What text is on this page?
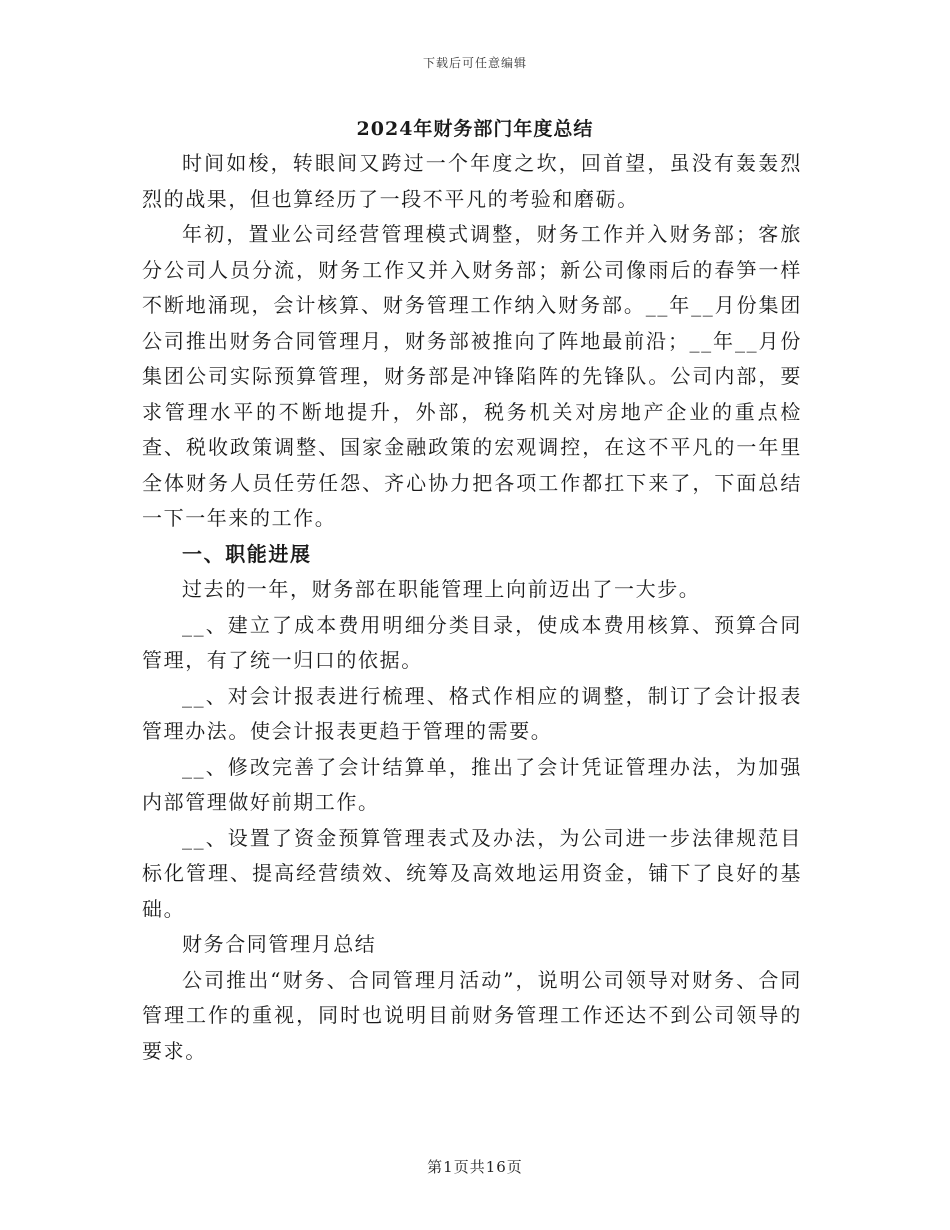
下载后可任意编辑
2024年财务部门年度总结

时间如梭，转眼间又跨过一个年度之坎，回首望，虽没有轰轰烈烈的战果，但也算经历了一段不平凡的考验和磨砺。

年初，置业公司经营管理模式调整，财务工作并入财务部；客旅分公司人员分流，财务工作又并入财务部；新公司像雨后的春笋一样不断地涌现，会计核算、财务管理工作纳入财务部。__年__月份集团公司推出财务合同管理月，财务部被推向了阵地最前沿；__年__月份集团公司实际预算管理，财务部是冲锋陷阵的先锋队。公司内部，要求管理水平的不断地提升，外部，税务机关对房地产企业的重点检查、税收政策调整、国家金融政策的宏观调控，在这不平凡的一年里全体财务人员任劳任怨、齐心协力把各项工作都扛下来了，下面总结一下一年来的工作。

一、职能进展

过去的一年，财务部在职能管理上向前迈出了一大步。

__、建立了成本费用明细分类目录，使成本费用核算、预算合同管理，有了统一归口的依据。

__、对会计报表进行梳理、格式作相应的调整，制订了会计报表管理办法。使会计报表更趋于管理的需要。

__、修改完善了会计结算单，推出了会计凭证管理办法，为加强内部管理做好前期工作。

__、设置了资金预算管理表式及办法，为公司进一步法律规范目标化管理、提高经营绩效、统筹及高效地运用资金，铺下了良好的基础。

财务合同管理月总结

公司推出“财务、合同管理月活动”，说明公司领导对财务、合同管理工作的重视，同时也说明目前财务管理工作还达不到公司领导的要求。

第1页共16页
